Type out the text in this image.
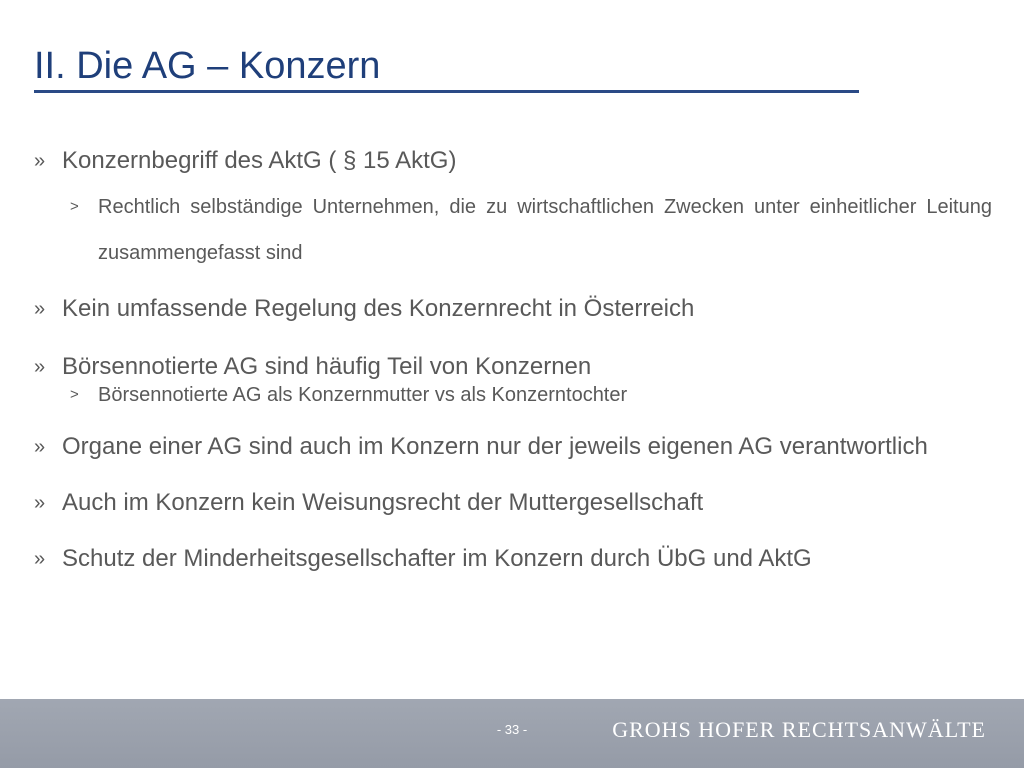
II. Die AG – Konzern
» Konzernbegriff des AktG ( § 15 AktG)
> Rechtlich selbständige Unternehmen, die zu wirtschaftlichen Zwecken unter einheitlicher Leitung zusammengefasst sind
» Kein umfassende Regelung des Konzernrecht in Österreich
» Börsennotierte AG sind häufig Teil von Konzernen
> Börsennotierte AG als Konzernmutter vs als Konzerntochter
» Organe einer AG sind auch im Konzern nur der jeweils eigenen AG verantwortlich
» Auch im Konzern kein Weisungsrecht der Muttergesellschaft
» Schutz der Minderheitsgesellschafter im Konzern durch ÜbG und AktG
- 33 -	GROHS HOFER RECHTSANWÄLTE
